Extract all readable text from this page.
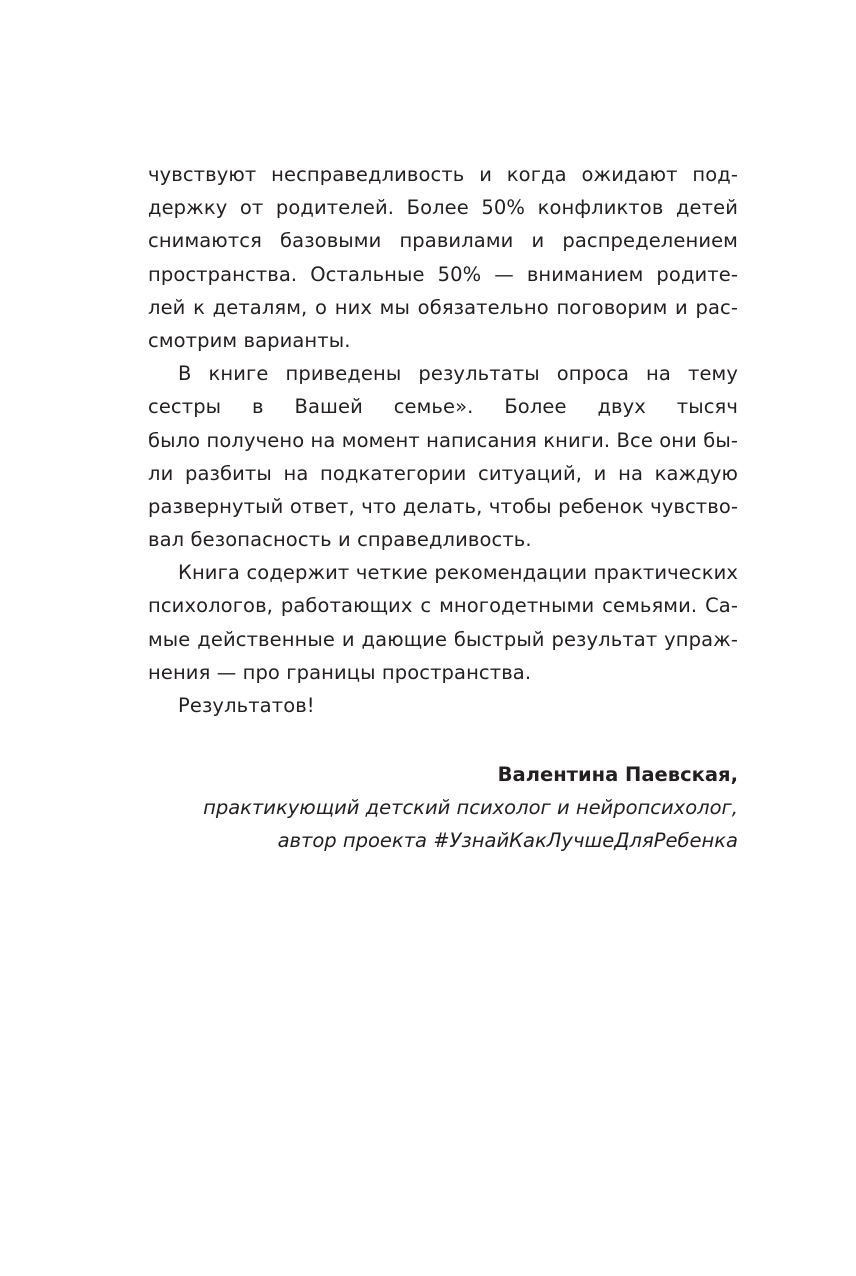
чувствуют несправедливость и когда ожидают под-
держку от родителей. Более 50% конфликтов детей
снимаются базовыми правилами и распределением
пространства. Остальные 50% — вниманием родите-
лей к деталям, о них мы обязательно поговорим и рас-
смотрим варианты.
В книге приведены результаты опроса на тему
сестры в Вашей семье». Более двух тысяч
было получено на момент написания книги. Все они бы-
ли разбиты на подкатегории ситуаций, и на каждую
развернутый ответ, что делать, чтобы ребенок чувство-
вал безопасность и справедливость.
Книга содержит четкие рекомендации практических
психологов, работающих с многодетными семьями. Са-
мые действенные и дающие быстрый результат упраж-
нения — про границы пространства.
Результатов!
Валентина Паевская,
практикующий детский психолог и нейропсихолог,
автор проекта #УзнайКакЛучшеДляРебенка
